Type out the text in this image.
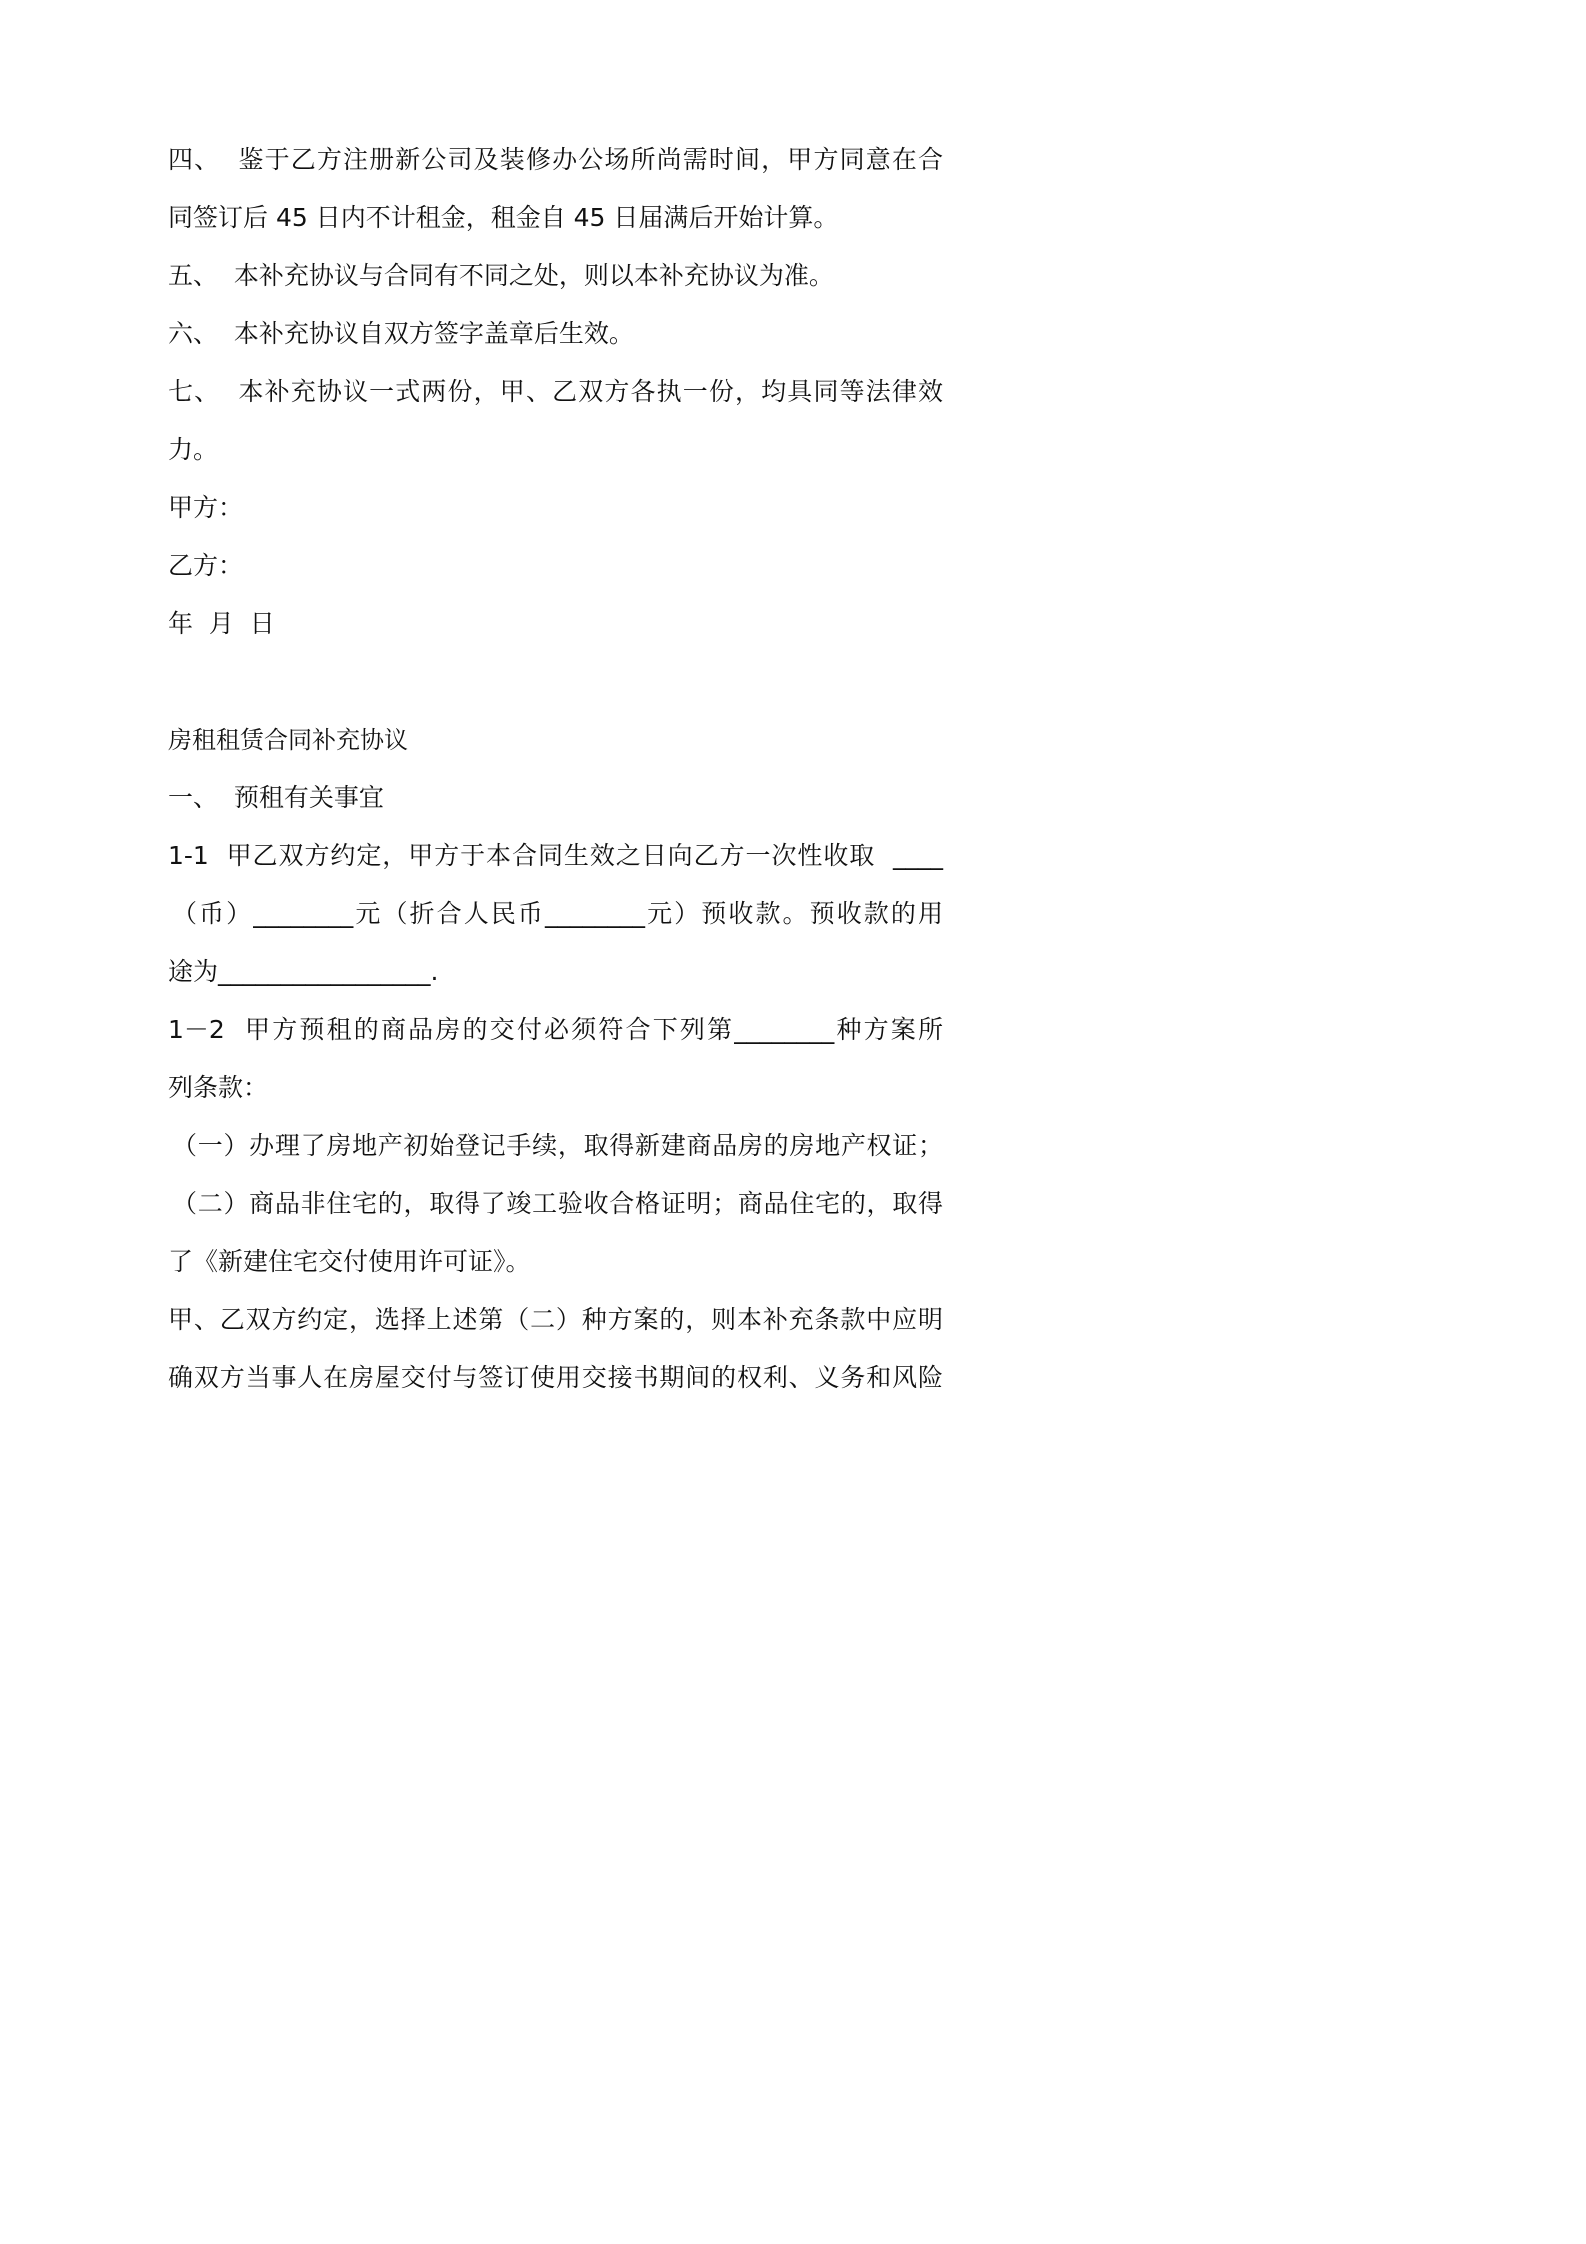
四、  鉴于乙方注册新公司及装修办公场所尚需时间，甲方同意在合
同签订后 45 日内不计租金，租金自 45 日届满后开始计算。
五、  本补充协议与合同有不同之处，则以本补充协议为准。
六、  本补充协议自双方签字盖章后生效。
七、  本补充协议一式两份，甲、乙双方各执一份，均具同等法律效
力。
甲方：
乙方：
年  月  日
房租租赁合同补充协议
一、  预租有关事宜
1-1  甲乙双方约定，甲方于本合同生效之日向乙方一次性收取  ____
（币）________元（折合人民币________元）预收款。预收款的用
途为_________________.
1－2  甲方预租的商品房的交付必须符合下列第________种方案所
列条款：
（一）办理了房地产初始登记手续，取得新建商品房的房地产权证；
（二）商品非住宅的，取得了竣工验收合格证明；商品住宅的，取得
了《新建住宅交付使用许可证》。
甲、乙双方约定，选择上述第（二）种方案的，则本补充条款中应明
确双方当事人在房屋交付与签订使用交接书期间的权利、义务和风险
